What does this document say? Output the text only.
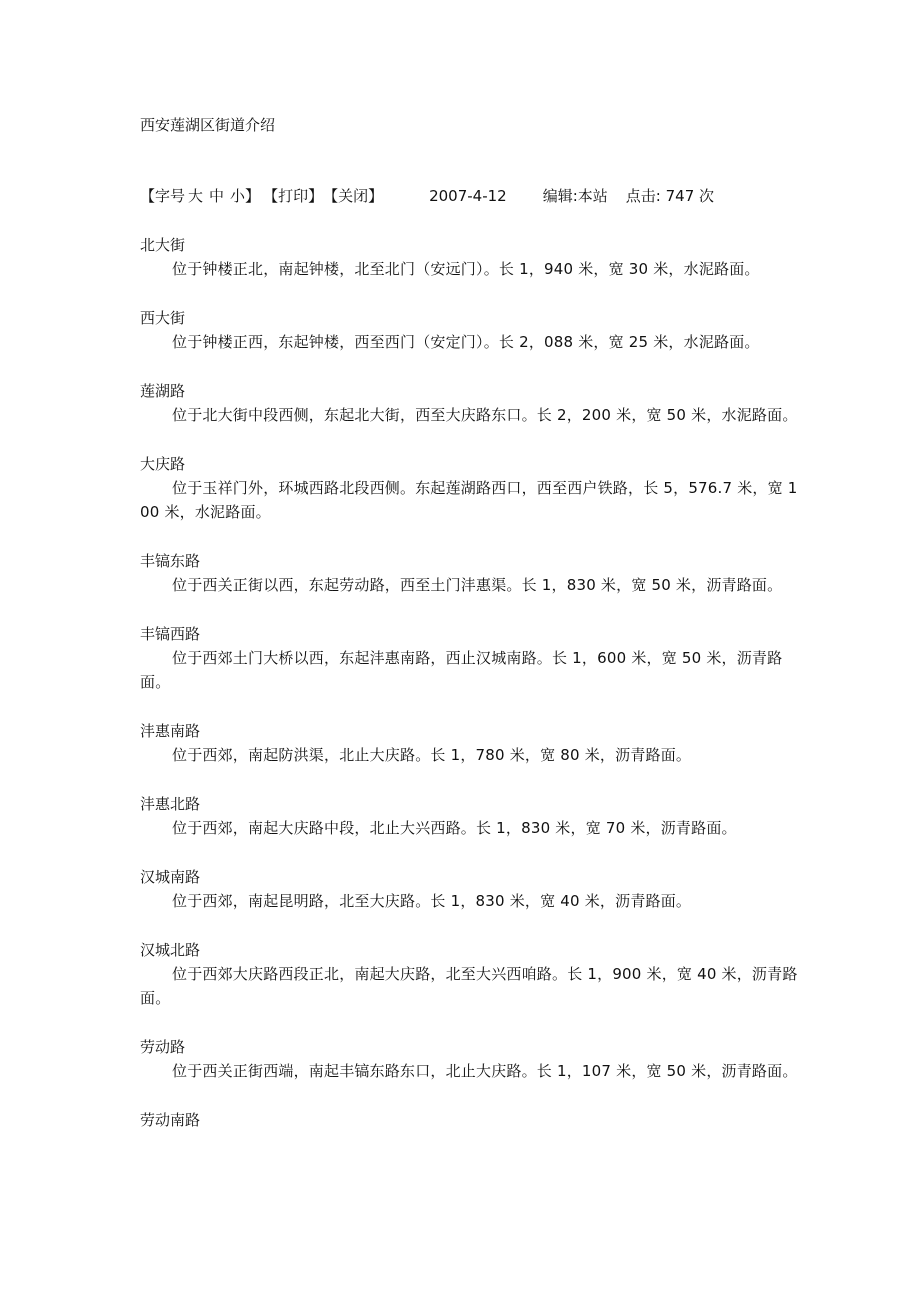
西安莲湖区街道介绍
【字号 大 中 小】 【打印】 【关闭】	2007-4-12 编辑:本站 点击: 747 次
北大街
位于钟楼正北，南起钟楼，北至北门（安远门）。长 1，940 米，宽 30 米，水泥路面。
西大街
位于钟楼正西，东起钟楼，西至西门（安定门）。长 2，088 米，宽 25 米，水泥路面。
莲湖路
位于北大街中段西侧，东起北大街，西至大庆路东口。长 2，200 米，宽 50 米，水泥路面。
大庆路
位于玉祥门外，环城西路北段西侧。东起莲湖路西口，西至西户铁路，长 5，576.7 米，宽 100 米，水泥路面。
丰镐东路
位于西关正街以西，东起劳动路，西至土门沣惠渠。长 1，830 米，宽 50 米，沥青路面。
丰镐西路
位于西郊土门大桥以西，东起沣惠南路，西止汉城南路。长 1，600 米，宽 50 米，沥青路面。
沣惠南路
位于西郊，南起防洪渠，北止大庆路。长 1，780 米，宽 80 米，沥青路面。
沣惠北路
位于西郊，南起大庆路中段，北止大兴西路。长 1，830 米，宽 70 米，沥青路面。
汉城南路
位于西郊，南起昆明路，北至大庆路。长 1，830 米，宽 40 米，沥青路面。
汉城北路
位于西郊大庆路西段正北，南起大庆路，北至大兴西咱路。长 1，900 米，宽 40 米，沥青路面。
劳动路
位于西关正街西端，南起丰镐东路东口，北止大庆路。长 1，107 米，宽 50 米，沥青路面。
劳动南路
